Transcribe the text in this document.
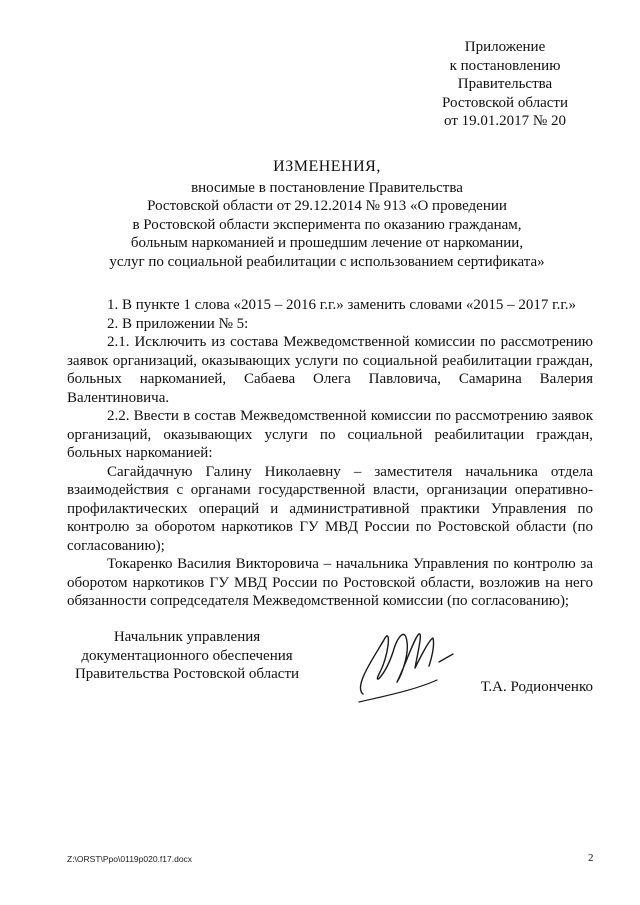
Приложение
к постановлению
Правительства
Ростовской области
от 19.01.2017 № 20
ИЗМЕНЕНИЯ,
вносимые в постановление Правительства
Ростовской области от 29.12.2014 № 913 «О проведении
в Ростовской области эксперимента по оказанию гражданам,
больным наркоманией и прошедшим лечение от наркомании,
услуг по социальной реабилитации с использованием сертификата»

1. В пункте 1 слова «2015 – 2016 г.г.» заменить словами «2015 – 2017 г.г.»

2. В приложении № 5:

2.1. Исключить из состава Межведомственной комиссии по рассмотрению заявок организаций, оказывающих услуги по социальной реабилитации граждан, больных наркоманией, Сабаева Олега Павловича, Самарина Валерия Валентиновича.

2.2. Ввести в состав Межведомственной комиссии по рассмотрению заявок организаций, оказывающих услуги по социальной реабилитации граждан, больных наркоманией:

Сагайдачную Галину Николаевну – заместителя начальника отдела взаимодействия с органами государственной власти, организации оперативно-профилактических операций и административной практики Управления по контролю за оборотом наркотиков ГУ МВД России по Ростовской области (по согласованию);

Токаренко Василия Викторовича – начальника Управления по контролю за оборотом наркотиков ГУ МВД России по Ростовской области, возложив на него обязанности сопредседателя Межведомственной комиссии (по согласованию);

Начальник управления
документационного обеспечения
Правительства Ростовской области
Т.А. Родионченко
Z:\ORST\Ppo\0119p020.f17.docx	2
